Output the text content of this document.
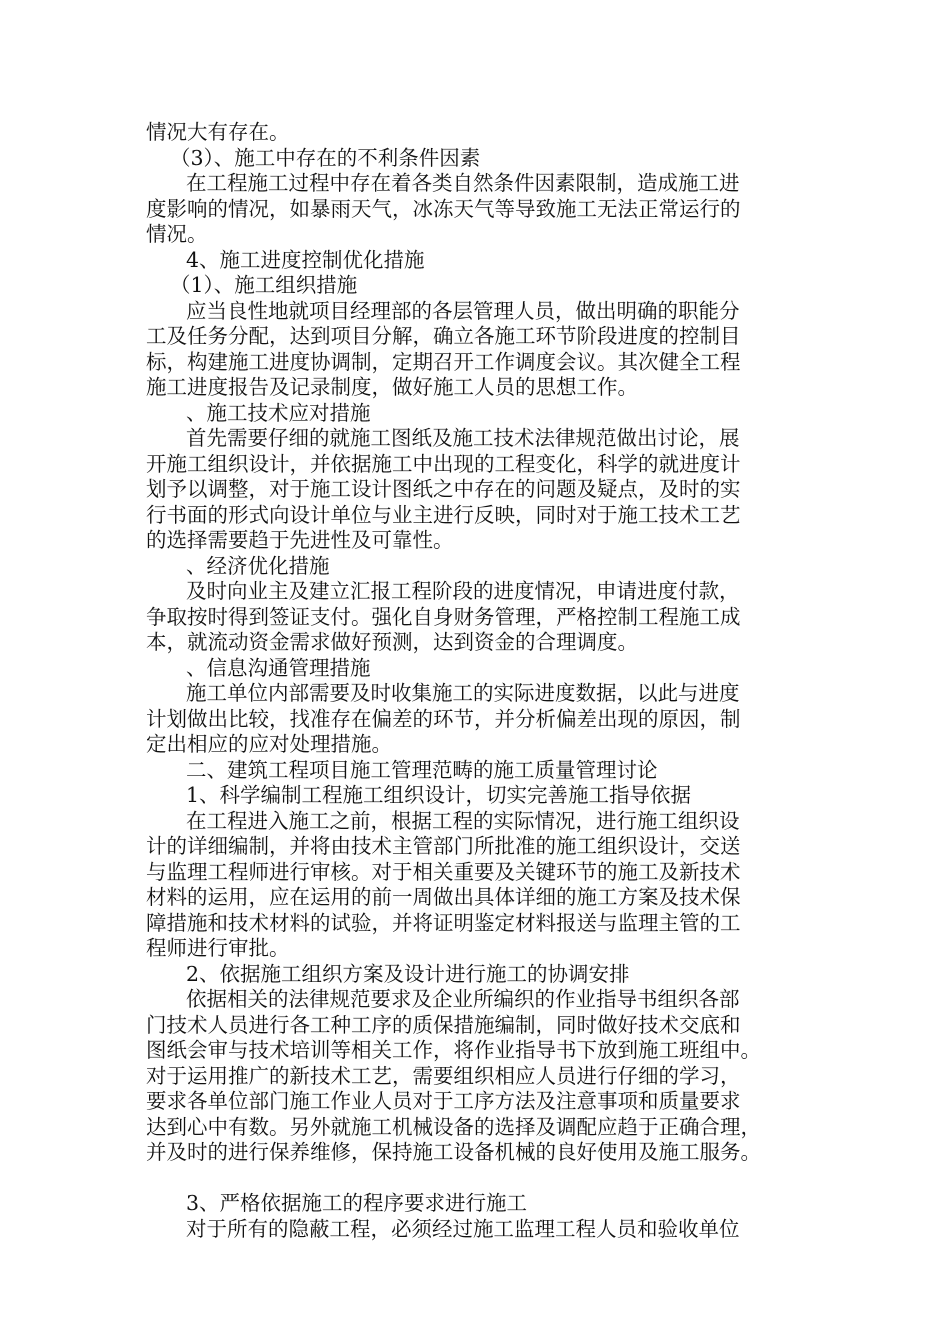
情况大有存在。
（3）、施工中存在的不利条件因素
在工程施工过程中存在着各类自然条件因素限制，造成施工进
度影响的情况，如暴雨天气，冰冻天气等导致施工无法正常运行的
情况。
4、施工进度控制优化措施
（1）、施工组织措施
应当良性地就项目经理部的各层管理人员，做出明确的职能分
工及任务分配，达到项目分解，确立各施工环节阶段进度的控制目
标，构建施工进度协调制，定期召开工作调度会议。其次健全工程
施工进度报告及记录制度，做好施工人员的思想工作。
、施工技术应对措施
首先需要仔细的就施工图纸及施工技术法律规范做出讨论，展
开施工组织设计，并依据施工中出现的工程变化，科学的就进度计
划予以调整，对于施工设计图纸之中存在的问题及疑点，及时的实
行书面的形式向设计单位与业主进行反映，同时对于施工技术工艺
的选择需要趋于先进性及可靠性。
、经济优化措施
及时向业主及建立汇报工程阶段的进度情况，申请进度付款，
争取按时得到签证支付。强化自身财务管理，严格控制工程施工成
本，就流动资金需求做好预测，达到资金的合理调度。
、信息沟通管理措施
施工单位内部需要及时收集施工的实际进度数据，以此与进度
计划做出比较，找准存在偏差的环节，并分析偏差出现的原因，制
定出相应的应对处理措施。
二、建筑工程项目施工管理范畴的施工质量管理讨论
1、科学编制工程施工组织设计，切实完善施工指导依据
在工程进入施工之前，根据工程的实际情况，进行施工组织设
计的详细编制，并将由技术主管部门所批准的施工组织设计，交送
与监理工程师进行审核。对于相关重要及关键环节的施工及新技术
材料的运用，应在运用的前一周做出具体详细的施工方案及技术保
障措施和技术材料的试验，并将证明鉴定材料报送与监理主管的工
程师进行审批。
2、依据施工组织方案及设计进行施工的协调安排
依据相关的法律规范要求及企业所编织的作业指导书组织各部
门技术人员进行各工种工序的质保措施编制，同时做好技术交底和
图纸会审与技术培训等相关工作，将作业指导书下放到施工班组中。
对于运用推广的新技术工艺，需要组织相应人员进行仔细的学习，
要求各单位部门施工作业人员对于工序方法及注意事项和质量要求
达到心中有数。另外就施工机械设备的选择及调配应趋于正确合理，
并及时的进行保养维修，保持施工设备机械的良好使用及施工服务。
3、严格依据施工的程序要求进行施工
对于所有的隐蔽工程，必须经过施工监理工程人员和验收单位
